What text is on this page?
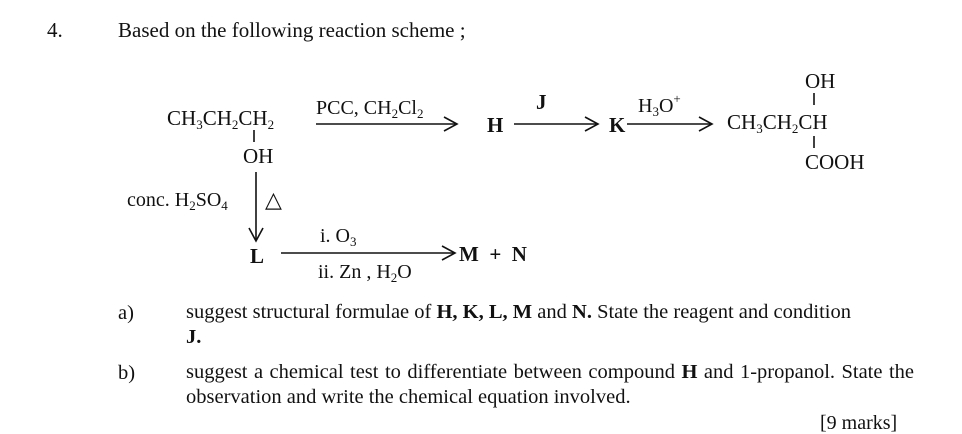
4.	Based on the following reaction scheme ;
$CH_3CH_2CH_2$
OH
PCC, $CH_2Cl_2$	H
J
K
$H_3O^+$
$CH_3CH_2CH$
OH
COOH
conc. $H_2SO_4$ △
L
i. $O_3$
ii. Zn , $H_2O$
M  +  N
a)	suggest structural formulae of H, K, L, M and N. State the reagent and condition
J.
b) suggest a chemical test to differentiate between compound H and 1-propanol. State the observation and write the chemical equation involved.
[9 marks]
